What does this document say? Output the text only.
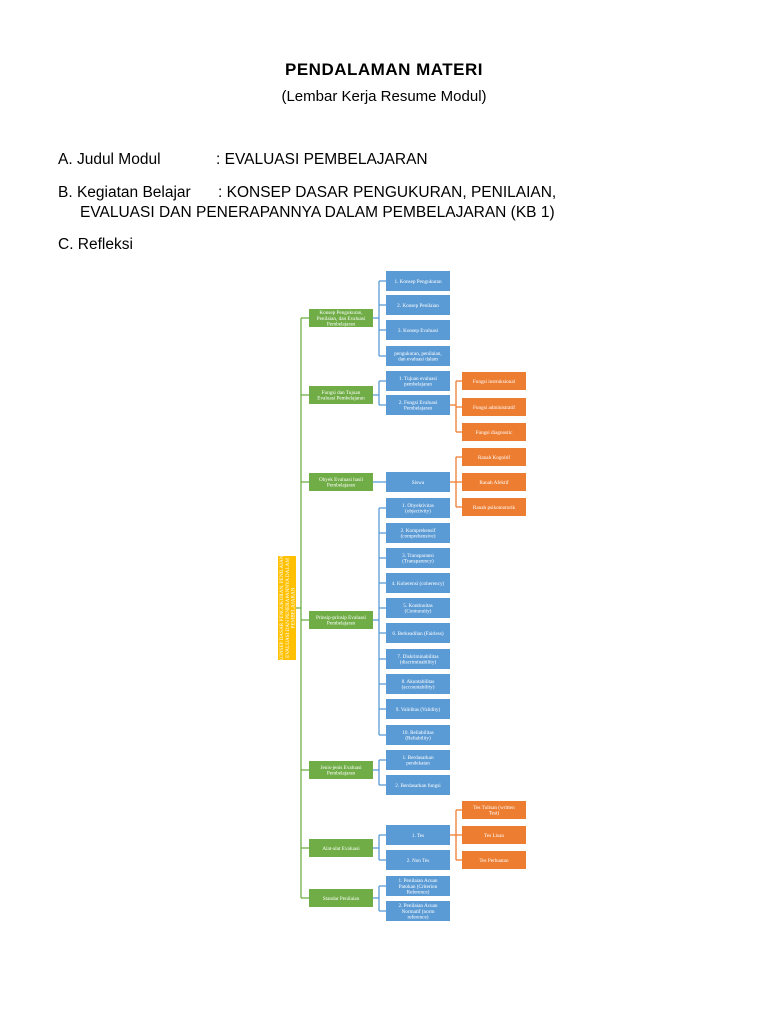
PENDALAMAN MATERI
(Lembar Kerja Resume Modul)
A. Judul Modul	: EVALUASI PEMBELAJARAN
B. Kegiatan Belajar : KONSEP DASAR PENGUKURAN, PENILAIAN,
EVALUASI DAN PENERAPANNYA DALAM PEMBELAJARAN (KB 1)
C. Refleksi
1. Konsep Pengukuran
2. Konsep Penilaian
3. Konsep Evaluasi
pengukuran, penilaian, dan evaluasi dalam
Konsep Pengukuran, Penilaian, dan Evaluasi Pembelajaran
1. Tujuan evaluasi pembelajaran
2. Fungsi Evaluasi Pembelajaran
Fungsi instruksional
Fungsi administratif
Fungsi diagnostic
Fungsi dan Tujuan Evaluasi Pembelajaran
Siswa
Ranah Kognitif
Ranah Afektif
Ranah psikomotorik
Obyek Evaluasi hasil Pembelajaran
1. Obyektivitas (objectivity)
2. Komprehensif (comprehensive)
3. Transparansi (Transparency)
4. Koherensi (coherency)
5. Kontinuitas (Contunuity)
6. Berkeadilan (Fairless)
7. Diskriminabilitas (discriminability)
8. Akuntabilitas (accountability)
9. Validitas (Validity)
10. Reliabilitas (Reliability)
Prinsip-prinsip Evaluasi Pembelajaran
1. Berdasarkan pendekatan
2. Berdasarkan fungsi
Jenis-jenis Evaluasi Pembelajaran
1. Tes
Tes Tulisan (written Test)
Tes Lisan
Tes Perbuatan
2. Non Tes
Alat-alat Evaluasi
1. Penilaian Acuan Patokan (Criterion Reference)
2. Penilaian Acuan Normatif (norm reference)
Standar Penilaian
KONSEP DASAR PENGUKURAN, PENILAIAN,EVALUASI DAN PENERAPANNYA DALAMPEMBELAJARAN
